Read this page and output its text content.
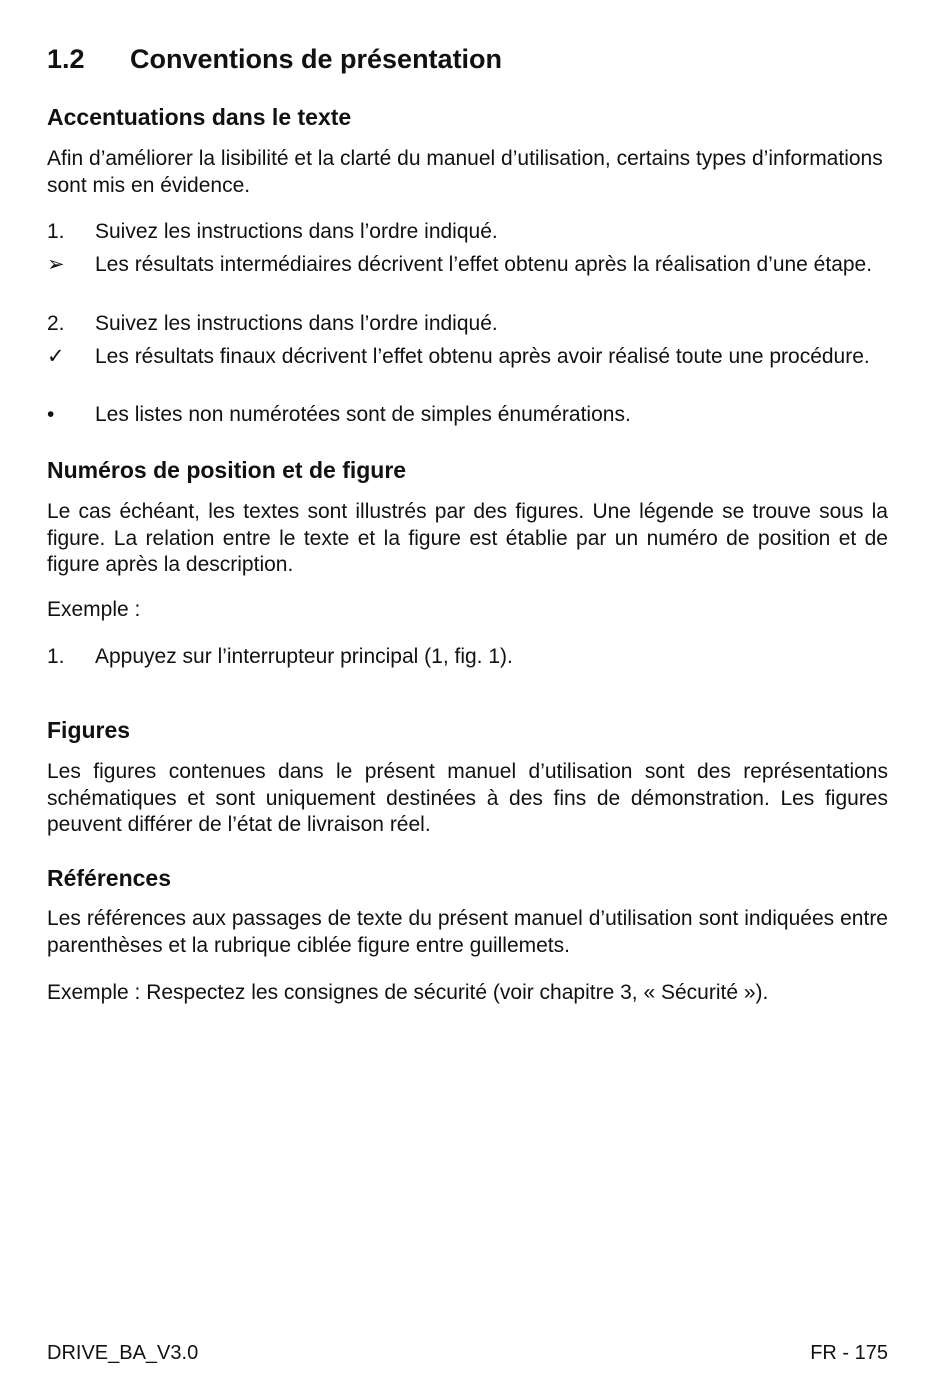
1.2	Conventions de présentation
Accentuations dans le texte

Afin d’améliorer la lisibilité et la clarté du manuel d’utilisation, certains types d’informations sont mis en évidence.

1.	Suivez les instructions dans l’ordre indiqué.
➢	Les résultats intermédiaires décrivent l’effet obtenu après la réalisation d’une étape.
2.	Suivez les instructions dans l’ordre indiqué.
✓	Les résultats finaux décrivent l’effet obtenu après avoir réalisé toute une procédure.
•	Les listes non numérotées sont de simples énumérations.
Numéros de position et de figure

Le cas échéant, les textes sont illustrés par des figures. Une légende se trouve sous la figure. La relation entre le texte et la figure est établie par un numéro de position et de figure après la description.

Exemple :

1.	Appuyez sur l’interrupteur principal (1, fig. 1).
Figures

Les figures contenues dans le présent manuel d’utilisation sont des représentations schématiques et sont uniquement destinées à des fins de démonstration. Les figures peuvent différer de l’état de livraison réel.

Références

Les références aux passages de texte du présent manuel d’utilisation sont indiquées entre parenthèses et la rubrique ciblée figure entre guillemets.

Exemple : Respectez les consignes de sécurité (voir chapitre 3, « Sécurité »).

DRIVE_BA_V3.0	FR - 175
